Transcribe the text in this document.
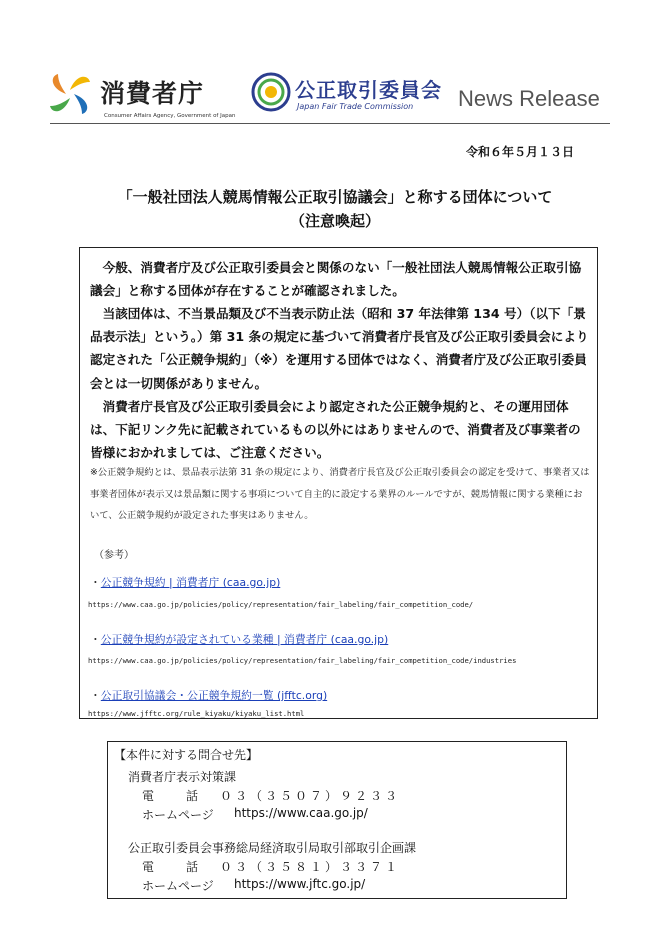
消費者庁
Consumer Affairs Agency, Government of Japan
公正取引委員会
Japan Fair Trade Commission News Release
令和６年５月１３日
「一般社団法人競馬情報公正取引協議会」と称する団体について
（注意喚起）
　今般、消費者庁及び公正取引委員会と関係のない「一般社団法人競馬情報公正取引協議会」と称する団体が存在することが確認されました。
　当該団体は、不当景品類及び不当表示防止法（昭和 37 年法律第 134 号）（以下「景品表示法」という。）第 31 条の規定に基づいて消費者庁長官及び公正取引委員会により認定された「公正競争規約」（※）を運用する団体ではなく、消費者庁及び公正取引委員会とは一切関係がありません。
　消費者庁長官及び公正取引委員会により認定された公正競争規約と、その運用団体は、下記リンク先に記載されているもの以外にはありませんので、消費者及び事業者の皆様におかれましては、ご注意ください。
※公正競争規約とは、景品表示法第 31 条の規定により、消費者庁長官及び公正取引委員会の認定を受けて、事業者又は事業者団体が表示又は景品類に関する事項について自主的に設定する業界のルールですが、競馬情報に関する業種において、公正競争規約が設定された事実はありません。
（参考）
・公正競争規約 | 消費者庁 (caa.go.jp)
https://www.caa.go.jp/policies/policy/representation/fair_labeling/fair_competition_code/
・公正競争規約が設定されている業種 | 消費者庁 (caa.go.jp)
https://www.caa.go.jp/policies/policy/representation/fair_labeling/fair_competition_code/industries
・公正取引協議会・公正競争規約一覧 (jfftc.org)
https://www.jfftc.org/rule_kiyaku/kiyaku_list.html
【本件に対する問合せ先】
消費者庁表示対策課
電話
０３（３５０７）９２３３
ホームページ https://www.caa.go.jp/
公正取引委員会事務総局経済取引局取引部取引企画課
電話
０３（３５８１）３３７１
ホームページ https://www.jftc.go.jp/
